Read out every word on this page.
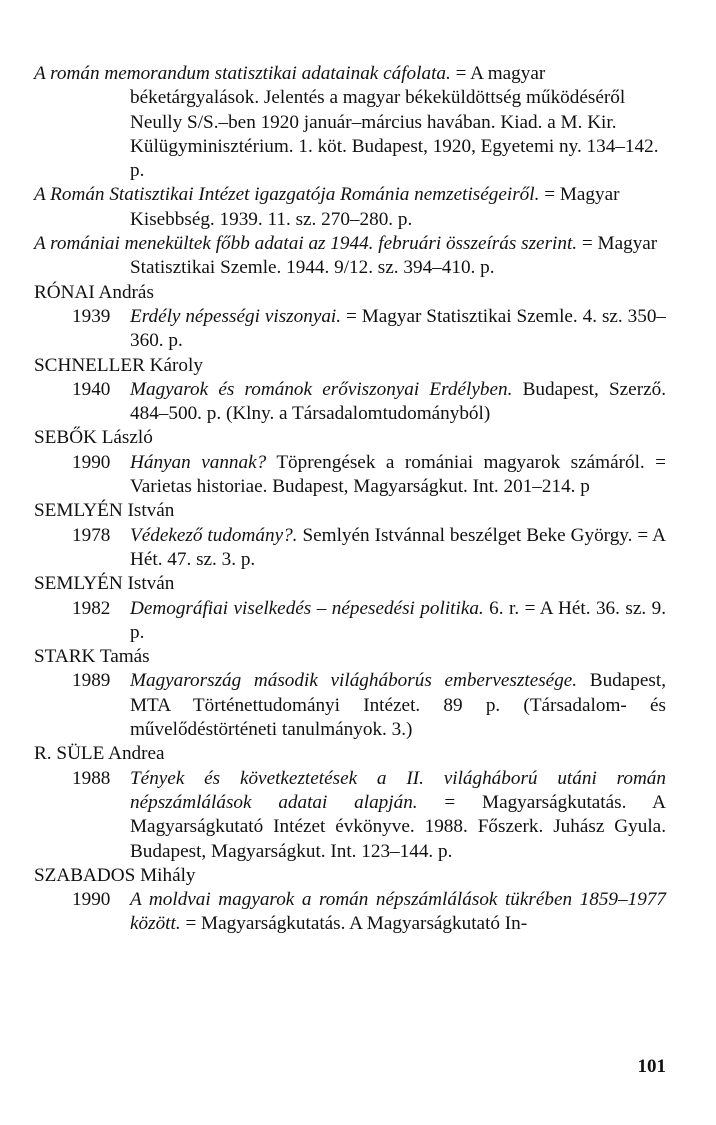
A román memorandum statisztikai adatainak cáfolata. = A magyar béketárgyalások. Jelentés a magyar békeküldöttség működéséről Neully S/S.–ben 1920 január–március havában. Kiad. a M. Kir. Külügyminisztérium. 1. köt. Budapest, 1920, Egyetemi ny. 134–142. p.

A Román Statisztikai Intézet igazgatója Románia nemzetiségeiről. = Magyar Kisebbség. 1939. 11. sz. 270–280. p.

A romániai menekültek főbb adatai az 1944. februári összeírás szerint. = Magyar Statisztikai Szemle. 1944. 9/12. sz. 394–410. p.

RÓNAI András
1939	Erdély népességi viszonyai. = Magyar Statisztikai Szemle. 4. sz. 350–360. p.
SCHNELLER Károly
1940	Magyarok és románok erőviszonyai Erdélyben. Budapest, Szerző. 484–500. p. (Klny. a Társadalomtudományból)
SEBŐK László
1990	Hányan vannak? Töprengések a romániai magyarok számáról. = Varietas historiae. Budapest, Magyarságkut. Int. 201–214. p
SEMLYÉN István
1978	Védekező tudomány?. Semlyén Istvánnal beszélget Beke György. = A Hét. 47. sz. 3. p.
SEMLYÉN István
1982	Demográfiai viselkedés – népesedési politika. 6. r. = A Hét. 36. sz. 9. p.
STARK Tamás
1989	Magyarország második világháborús embervesztesége. Budapest, MTA Történettudományi Intézet. 89 p. (Társadalom- és művelődéstörténeti tanulmányok. 3.)
R. SÜLE Andrea
1988	Tények és következtetések a II. világháború utáni román népszámlálások adatai alapján. = Magyarságkutatás. A Magyarságkutató Intézet évkönyve. 1988. Főszerk. Juhász Gyula. Budapest, Magyarságkut. Int. 123–144. p.
SZABADOS Mihály
1990	A moldvai magyarok a román népszámlálások tükrében 1859–1977 között. = Magyarságkutatás. A Magyarságkutató In-
101
